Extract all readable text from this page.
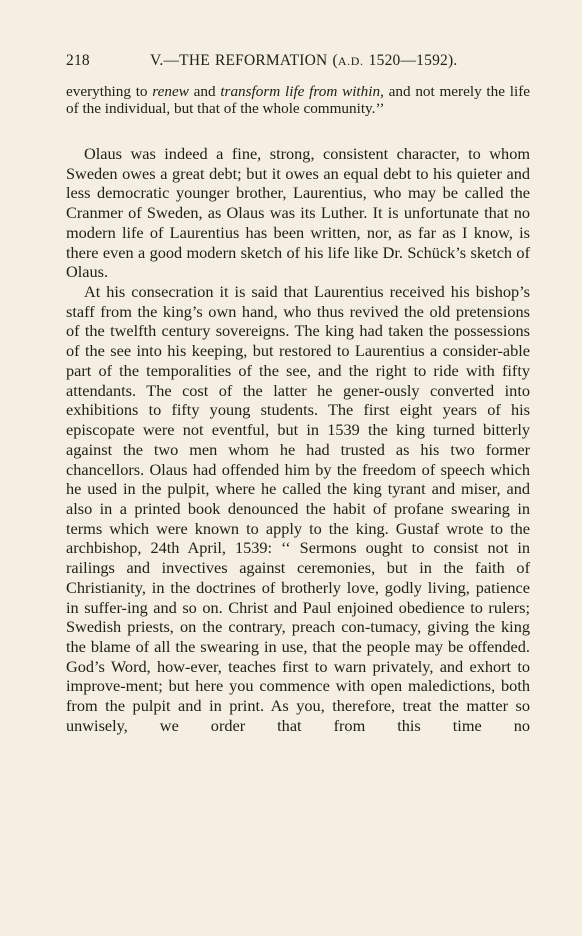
218	V.—THE REFORMATION (A.D. 1520—1592).
everything to renew and transform life from within, and not merely the life of the individual, but that of the whole community.’’

Olaus was indeed a fine, strong, consistent character, to whom Sweden owes a great debt; but it owes an equal debt to his quieter and less democratic younger brother, Laurentius, who may be called the Cranmer of Sweden, as Olaus was its Luther. It is unfortunate that no modern life of Laurentius has been written, nor, as far as I know, is there even a good modern sketch of his life like Dr. Schück’s sketch of Olaus.

At his consecration it is said that Laurentius received his bishop’s staff from the king’s own hand, who thus revived the old pretensions of the twelfth century sovereigns. The king had taken the possessions of the see into his keeping, but restored to Laurentius a consider-able part of the temporalities of the see, and the right to ride with fifty attendants. The cost of the latter he gener-ously converted into exhibitions to fifty young students. The first eight years of his episcopate were not eventful, but in 1539 the king turned bitterly against the two men whom he had trusted as his two former chancellors. Olaus had offended him by the freedom of speech which he used in the pulpit, where he called the king tyrant and miser, and also in a printed book denounced the habit of profane swearing in terms which were known to apply to the king. Gustaf wrote to the archbishop, 24th April, 1539: ‘‘ Sermons ought to consist not in railings and invectives against ceremonies, but in the faith of Christianity, in the doctrines of brotherly love, godly living, patience in suffer-ing and so on. Christ and Paul enjoined obedience to rulers; Swedish priests, on the contrary, preach con-tumacy, giving the king the blame of all the swearing in use, that the people may be offended. God’s Word, how-ever, teaches first to warn privately, and exhort to improve-ment; but here you commence with open maledictions, both from the pulpit and in print. As you, therefore, treat the matter so unwisely, we order that from this time no
